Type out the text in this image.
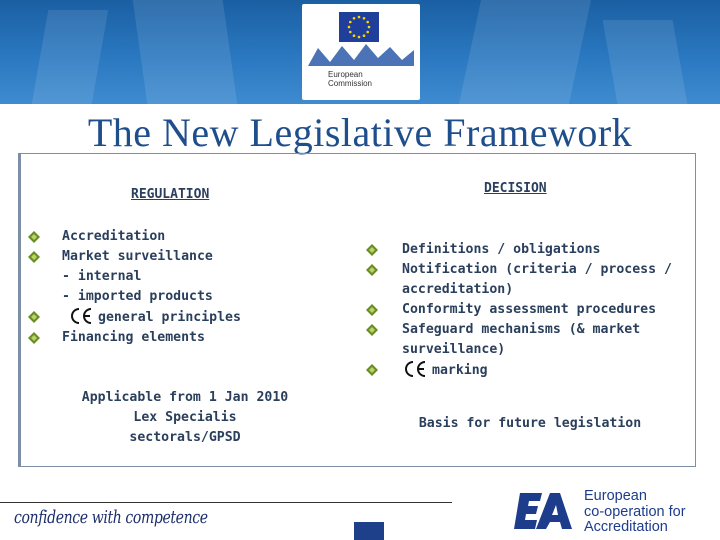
European
Commission
The New Legislative Framework
REGULATION
Accreditation
Market surveillance
- internal
- imported products
general principles
Financing elements
Applicable from 1 Jan 2010
Lex Specialis
sectorals/GPSD
DECISION
Definitions / obligations
Notification (criteria / process /
accreditation)
Conformity assessment procedures
Safeguard mechanisms (& market
surveillance)
marking
Basis for future legislation
confidence with competence
European
co-operation for
Accreditation
